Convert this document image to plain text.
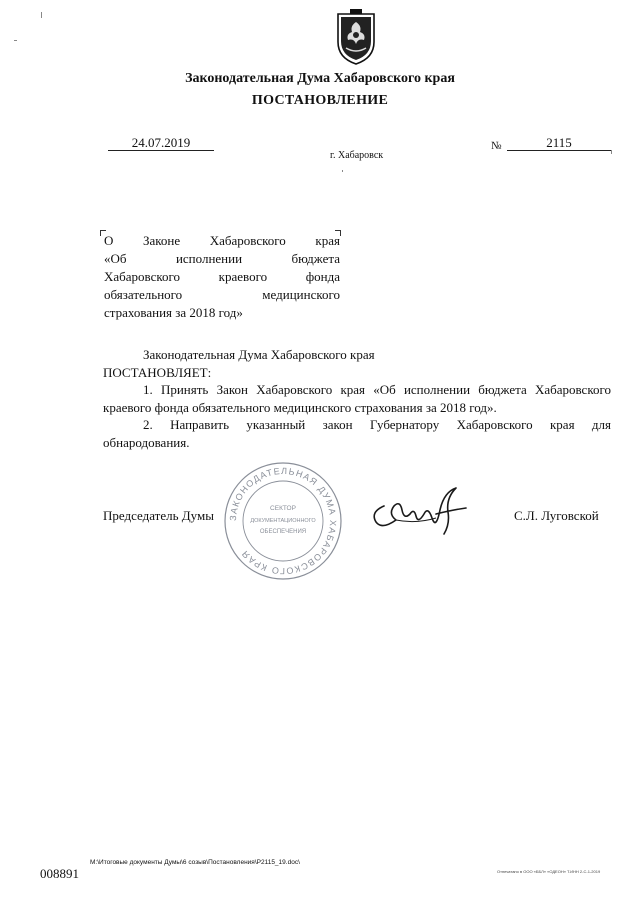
Законодательная Дума Хабаровского края
ПОСТАНОВЛЕНИЕ
24.07.2019
г. Хабаровск
№	2115
О Законе Хабаровского края
«Об	исполнении	бюджета
Хабаровского	краевого	фонда
обязательного	медицинского
страхования за 2018 год»

Законодательная Дума Хабаровского края

ПОСТАНОВЛЯЕТ:

1. Принять Закон Хабаровского края «Об исполнении бюджета Хабаровского

краевого фонда обязательного медицинского страхования за 2018 год».

2. Направить указанный закон Губернатору Хабаровского края для

обнародования.

Председатель Думы ЗАКОНОДАТЕЛЬНАЯ ДУМА ХАБАРОВСКОГО КРАЯ
СЕКТОР
ДОКУМЕНТАЦИОННОГО
ОБЕСПЕЧЕНИЯ
С.Л. Луговской
M:\Итоговые документы Думы\6 созыв\Постановления\P2115_19.doc\
008891	Отпечатано в ООО «ББЛ» «ОДЕОН» Т.ИНН 2-С-1-2019
